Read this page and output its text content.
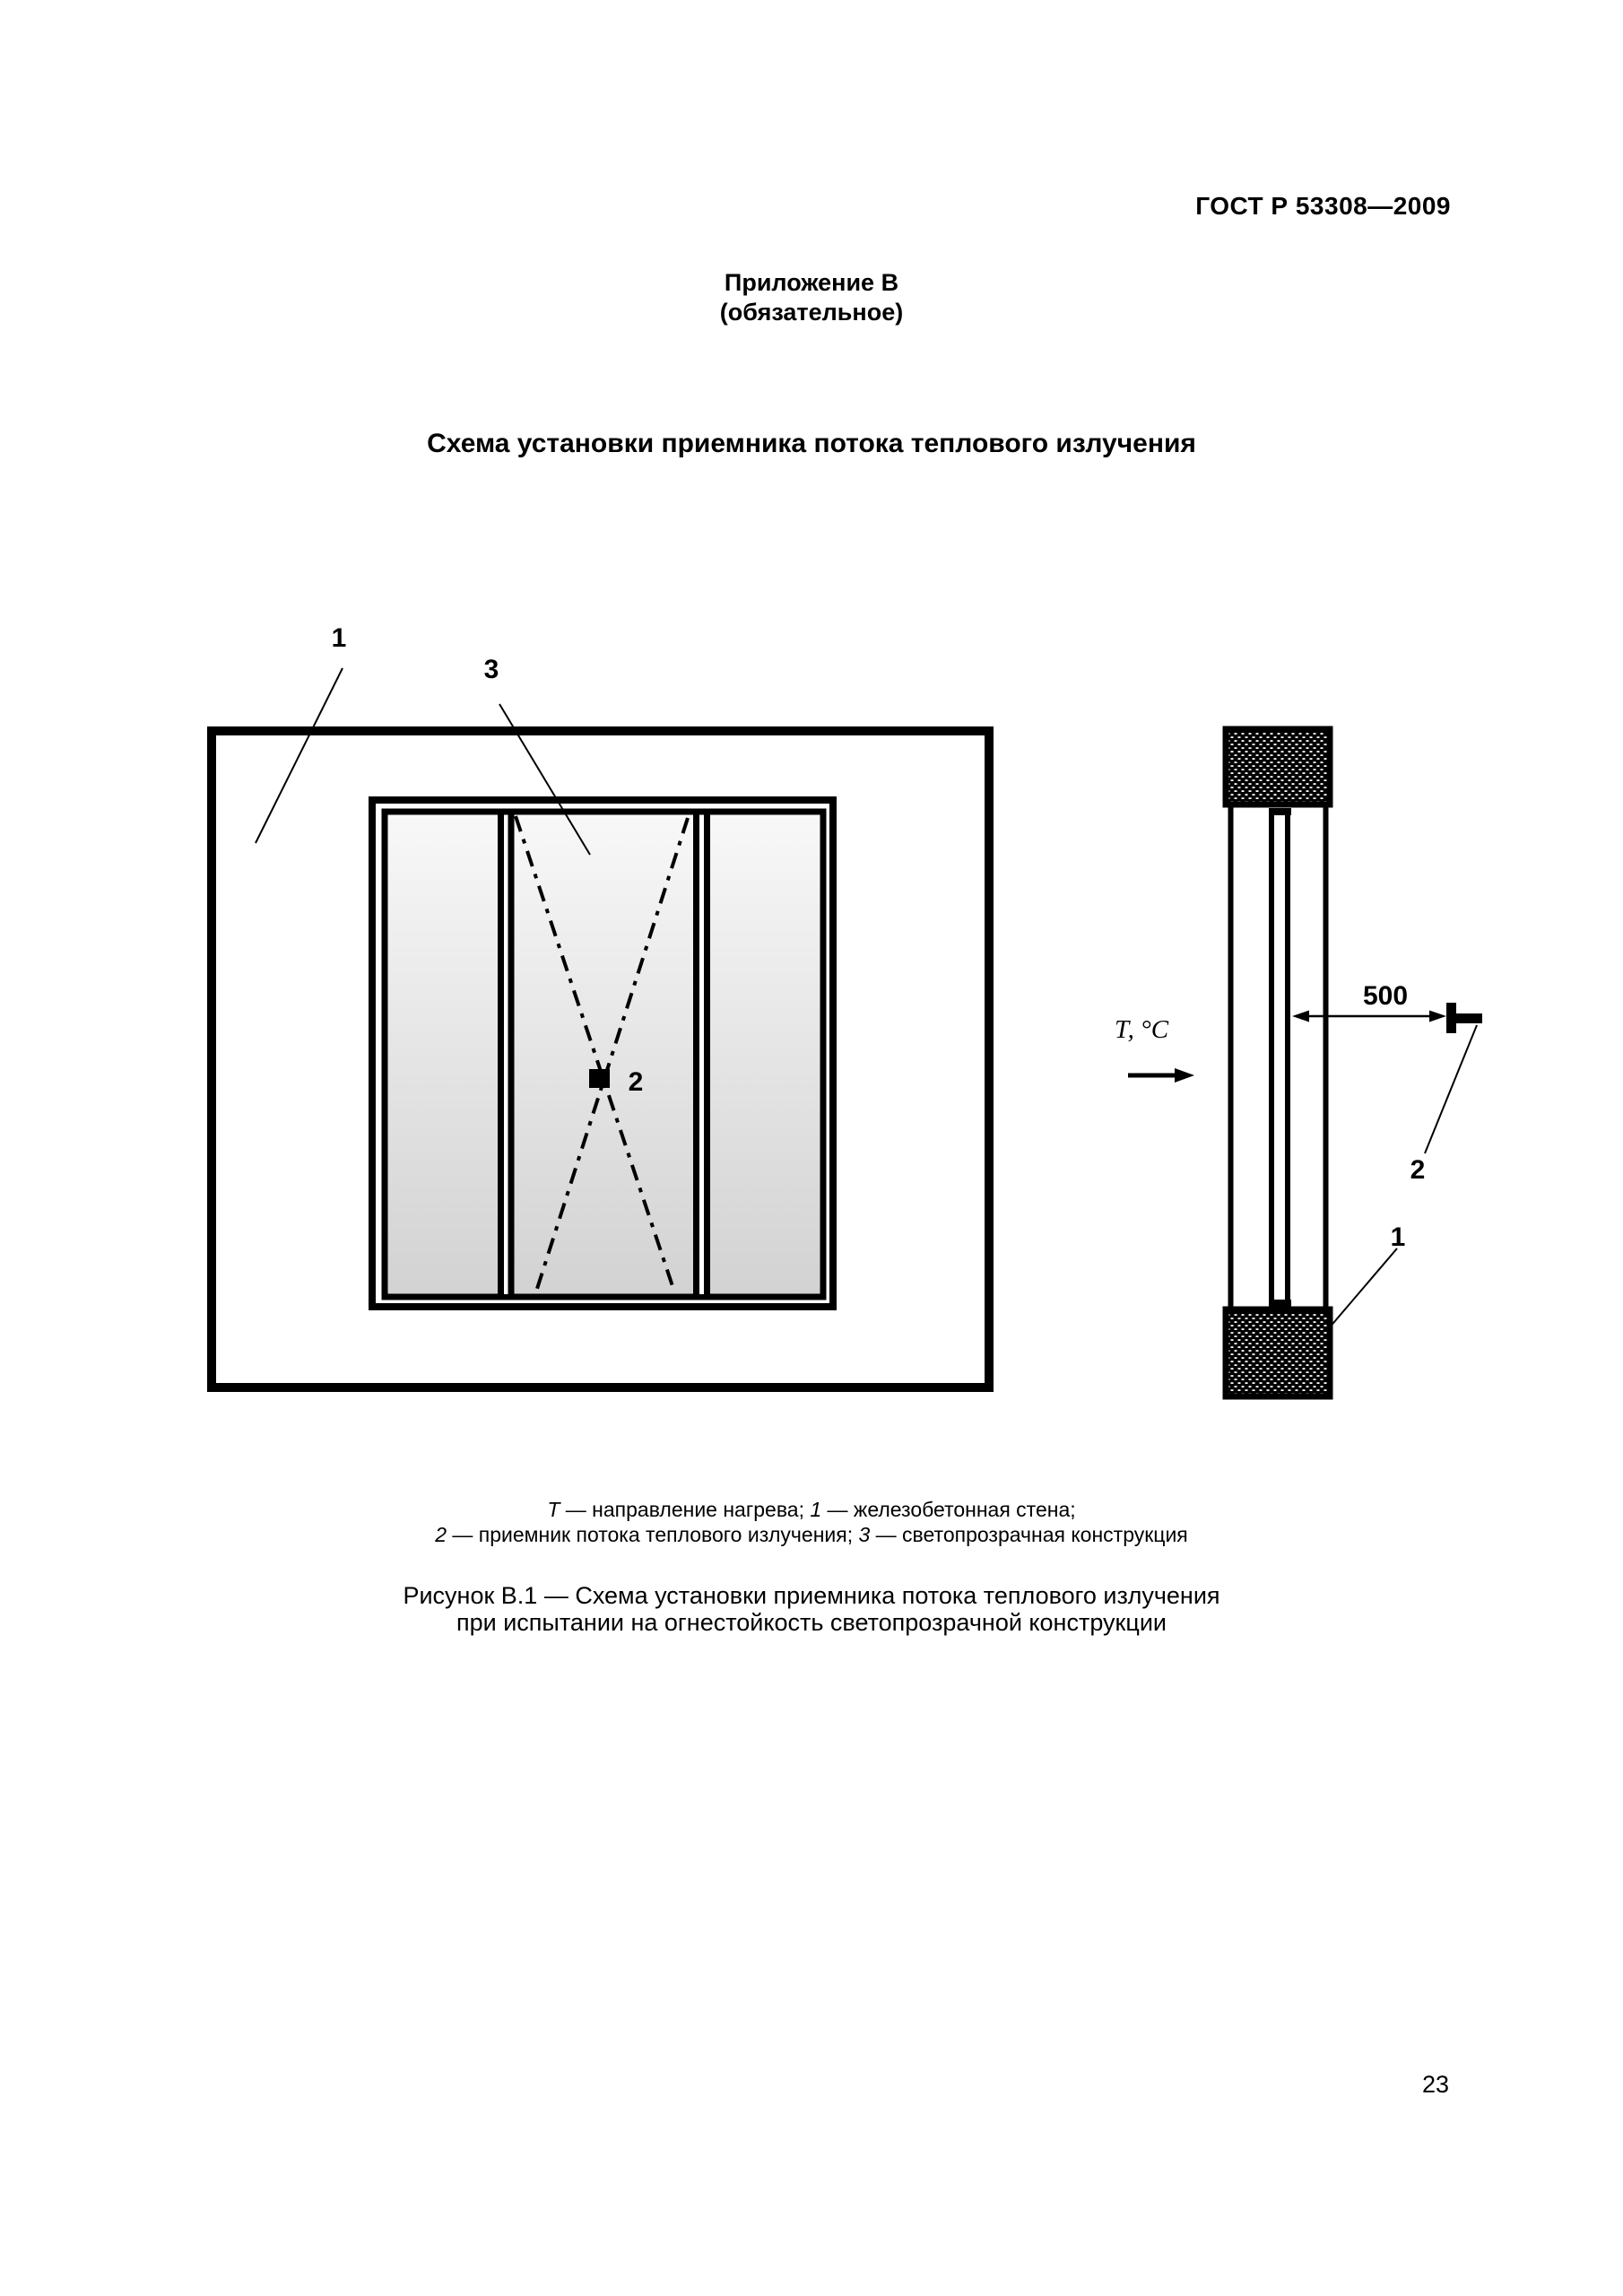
1
3
2
500
2
1
Т, °С
ГОСТ Р 53308—2009
Приложение В
(обязательное)
Схема установки приемника потока теплового излучения
Т — направление нагрева; 1 — железобетонная стена;
2 — приемник потока теплового излучения; 3 — светопрозрачная конструкция
Рисунок В.1 — Схема установки приемника потока теплового излучения
при испытании на огнестойкость светопрозрачной конструкции
23
